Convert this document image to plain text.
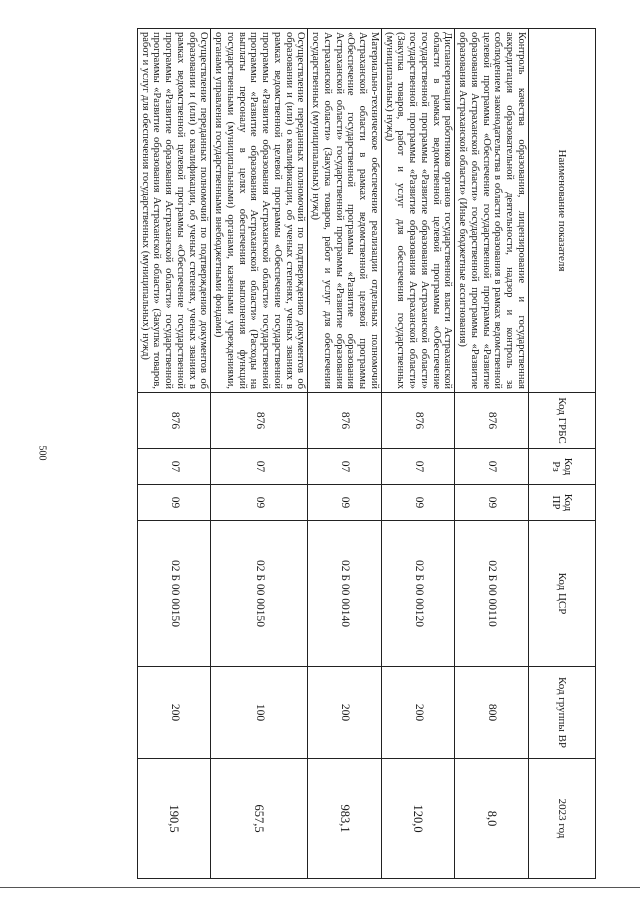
500
Наименование показателя	Код ГРБС	Код Рз	Код ПР	Код ЦСР	Код группы ВР	2023 год
Контроль качества образования, лицензирование и государственная аккредитация образовательной деятельности, надзор и контроль за соблюдением законодательства в области образования в рамках ведомственной целевой программы «Обеспечение государственной программы «Развитие образования Астраханской области» государственной программы «Развитие образования Астраханской области» (Иные бюджетные ассигнования)	876	07	09	02 Б 00 00110	800	8,0
Диспансеризация работников органов государственной власти Астраханской области в рамках ведомственной целевой программы «Обеспечение государственной программы «Развитие образования Астраханской области» государственной программы «Развитие образования Астраханской области» (Закупка товаров, работ и услуг для обеспечения государственных (муниципальных) нужд)	876	07	09	02 Б 00 00120	200	120,0
Материально-техническое обеспечение реализации отдельных полномочий Астраханской области в рамках ведомственной целевой программы «Обеспечение государственной программы «Развитие образования Астраханской области» государственной программы «Развитие образования Астраханской области» (Закупка товаров, работ и услуг для обеспечения государственных (муниципальных) нужд)	876	07	09	02 Б 00 00140	200	983,1
Осуществление переданных полномочий по подтверждению документов об образовании и (или) о квалификации, об ученых степенях, ученых званиях в рамках ведомственной целевой программы «Обеспечение государственной программы «Развитие образования Астраханской области» государственной программы «Развитие образования Астраханской области» (Расходы на выплаты персоналу в целях обеспечения выполнения функций государственными (муниципальными) органами, казенными учреждениями, органами управления государственными внебюджетными фондами)	876	07	09	02 Б 00 00150	100	657,5
Осуществление переданных полномочий по подтверждению документов об образовании и (или) о квалификации, об ученых степенях, ученых званиях в рамках ведомственной целевой программы «Обеспечение государственной программы «Развитие образования Астраханской области» государственной программы «Развитие образования Астраханской области» (Закупка товаров, работ и услуг для обеспечения государственных (муниципальных) нужд)	876	07	09	02 Б 00 00150	200	190,5
